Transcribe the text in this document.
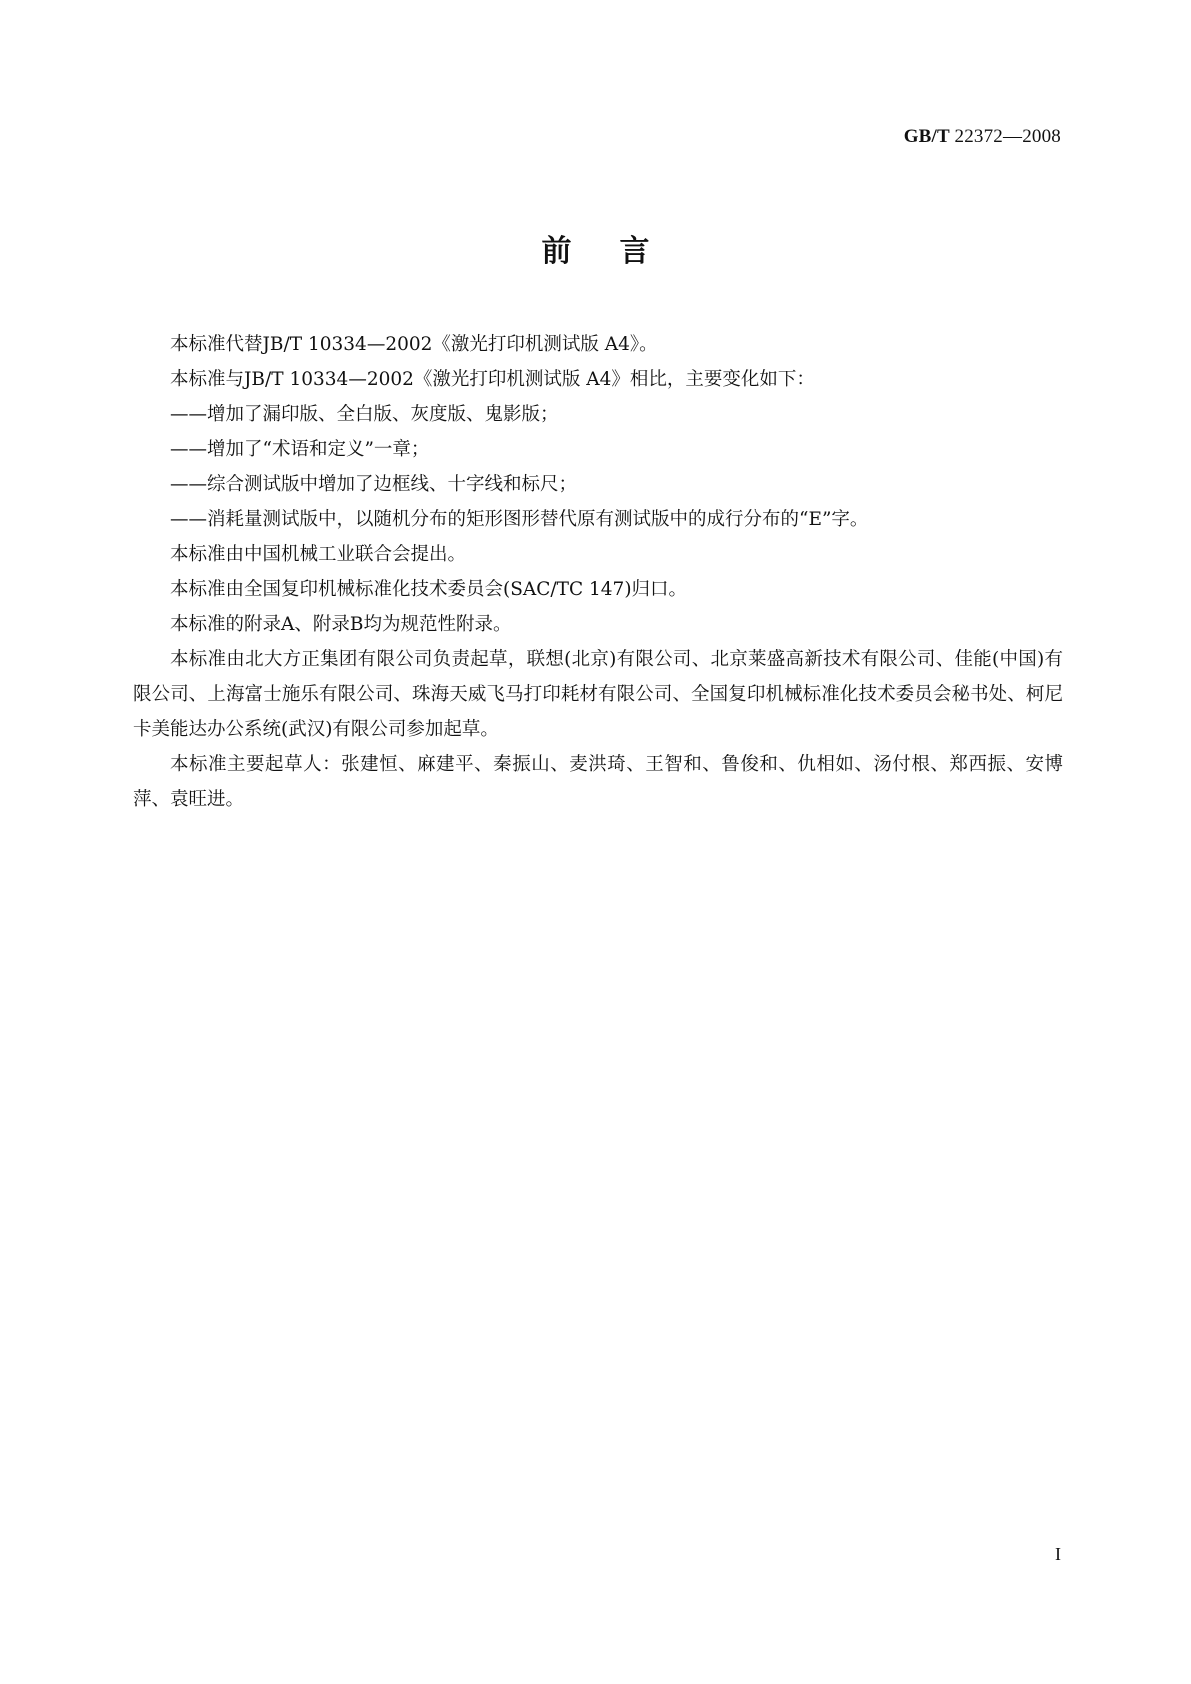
GB/T 22372—2008
前言

本标准代替JB/T 10334—2002《激光打印机测试版 A4》。

本标准与JB/T 10334—2002《激光打印机测试版 A4》相比，主要变化如下：

——增加了漏印版、全白版、灰度版、鬼影版；

——增加了“术语和定义”一章；

——综合测试版中增加了边框线、十字线和标尺；

——消耗量测试版中，以随机分布的矩形图形替代原有测试版中的成行分布的“E”字。

本标准由中国机械工业联合会提出。

本标准由全国复印机械标准化技术委员会(SAC/TC 147)归口。

本标准的附录A、附录B均为规范性附录。

本标准由北大方正集团有限公司负责起草，联想(北京)有限公司、北京莱盛高新技术有限公司、佳能(中国)有限公司、上海富士施乐有限公司、珠海天威飞马打印耗材有限公司、全国复印机械标准化技术委员会秘书处、柯尼卡美能达办公系统(武汉)有限公司参加起草。

本标准主要起草人：张建恒、麻建平、秦振山、麦洪琦、王智和、鲁俊和、仇相如、汤付根、郑西振、安博萍、袁旺进。

I
